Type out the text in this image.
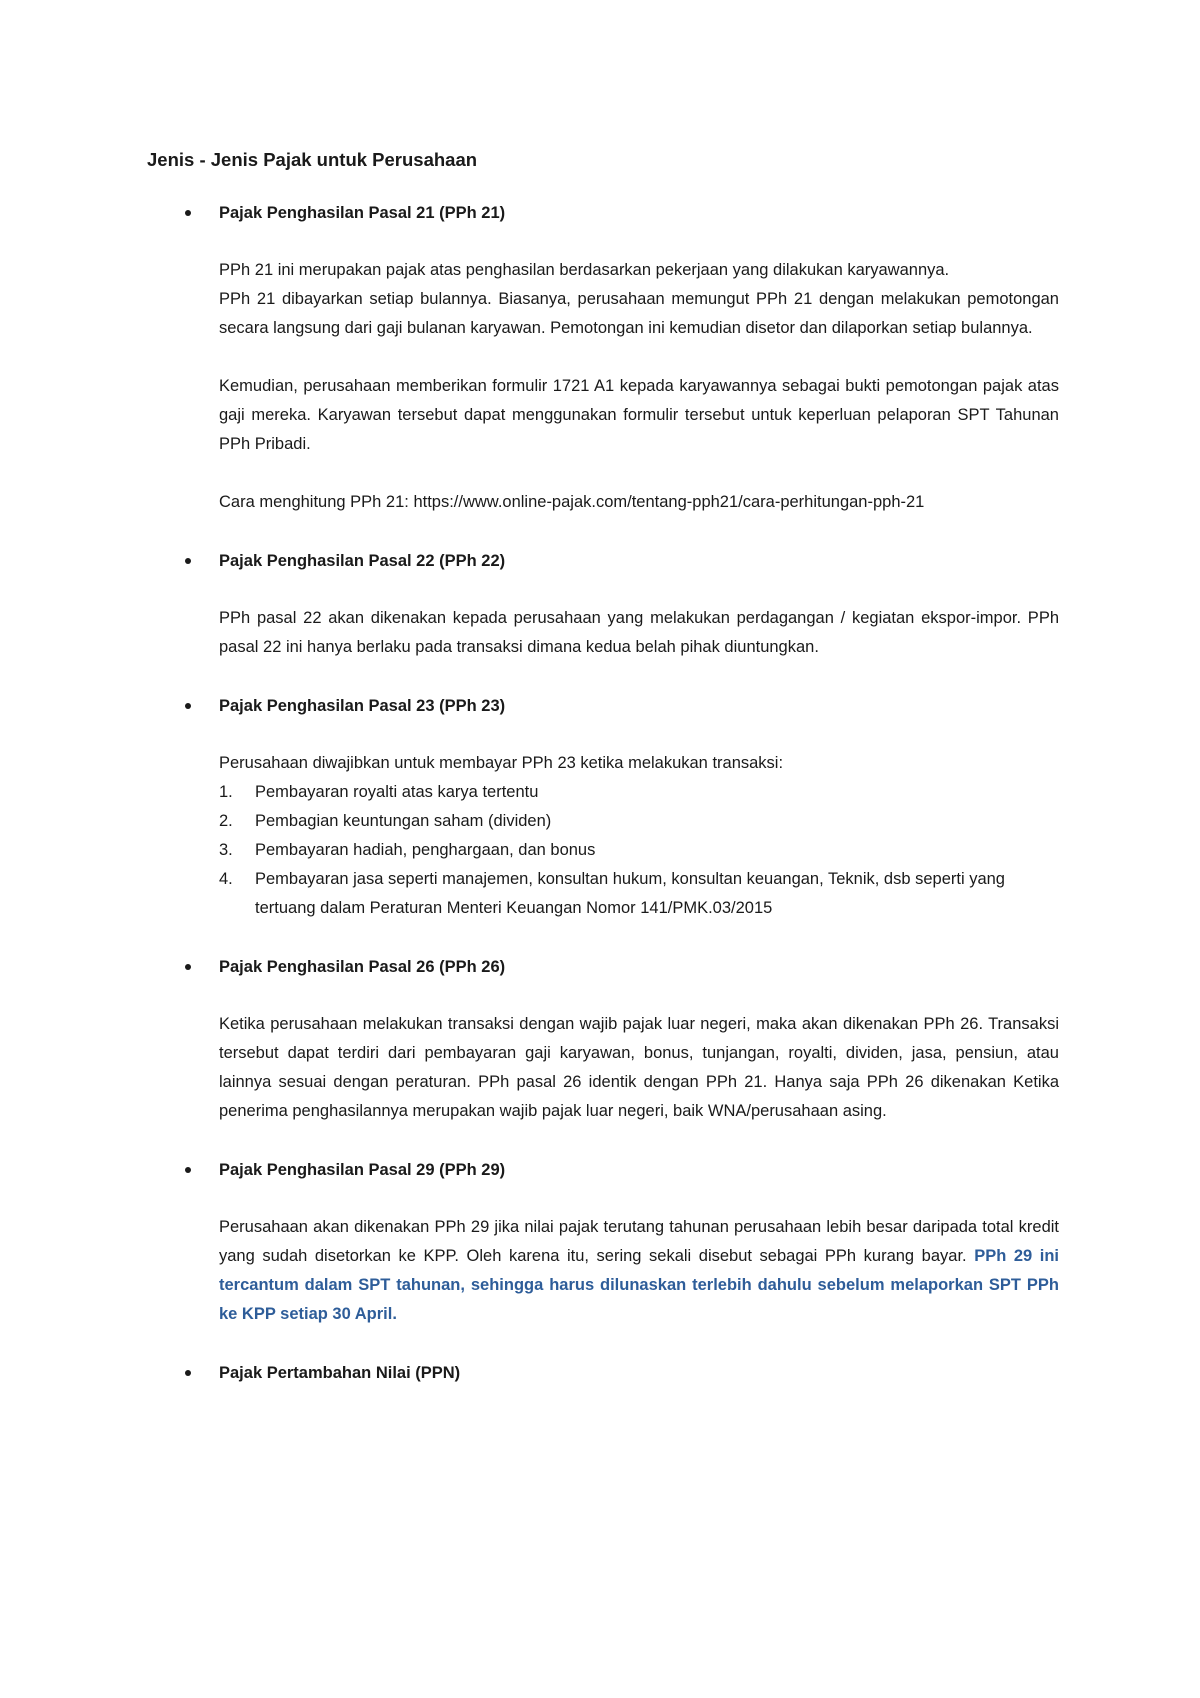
Jenis - Jenis Pajak untuk Perusahaan
Pajak Penghasilan Pasal 21 (PPh 21)

PPh 21 ini merupakan pajak atas penghasilan berdasarkan pekerjaan yang dilakukan karyawannya.

PPh 21 dibayarkan setiap bulannya. Biasanya, perusahaan memungut PPh 21 dengan melakukan pemotongan secara langsung dari gaji bulanan karyawan. Pemotongan ini kemudian disetor dan dilaporkan setiap bulannya.

Kemudian, perusahaan memberikan formulir 1721 A1 kepada karyawannya sebagai bukti pemotongan pajak atas gaji mereka. Karyawan tersebut dapat menggunakan formulir tersebut untuk keperluan pelaporan SPT Tahunan PPh Pribadi.

Cara menghitung PPh 21: https://www.online-pajak.com/tentang-pph21/cara-perhitungan-pph-21

Pajak Penghasilan Pasal 22 (PPh 22)

PPh pasal 22 akan dikenakan kepada perusahaan yang melakukan perdagangan / kegiatan ekspor-impor. PPh pasal 22 ini hanya berlaku pada transaksi dimana kedua belah pihak diuntungkan.

Pajak Penghasilan Pasal 23 (PPh 23)

Perusahaan diwajibkan untuk membayar PPh 23 ketika melakukan transaksi:

1. Pembayaran royalti atas karya tertentu
2. Pembagian keuntungan saham (dividen)
3. Pembayaran hadiah, penghargaan, dan bonus
4. Pembayaran jasa seperti manajemen, konsultan hukum, konsultan keuangan, Teknik, dsb seperti yang tertuang dalam Peraturan Menteri Keuangan Nomor 141/PMK.03/2015
Pajak Penghasilan Pasal 26 (PPh 26)

Ketika perusahaan melakukan transaksi dengan wajib pajak luar negeri, maka akan dikenakan PPh 26. Transaksi tersebut dapat terdiri dari pembayaran gaji karyawan, bonus, tunjangan, royalti, dividen, jasa, pensiun, atau lainnya sesuai dengan peraturan. PPh pasal 26 identik dengan PPh 21. Hanya saja PPh 26 dikenakan Ketika penerima penghasilannya merupakan wajib pajak luar negeri, baik WNA/perusahaan asing.

Pajak Penghasilan Pasal 29 (PPh 29)

Perusahaan akan dikenakan PPh 29 jika nilai pajak terutang tahunan perusahaan lebih besar daripada total kredit yang sudah disetorkan ke KPP. Oleh karena itu, sering sekali disebut sebagai PPh kurang bayar. PPh 29 ini tercantum dalam SPT tahunan, sehingga harus dilunaskan terlebih dahulu sebelum melaporkan SPT PPh ke KPP setiap 30 April.

Pajak Pertambahan Nilai (PPN)
